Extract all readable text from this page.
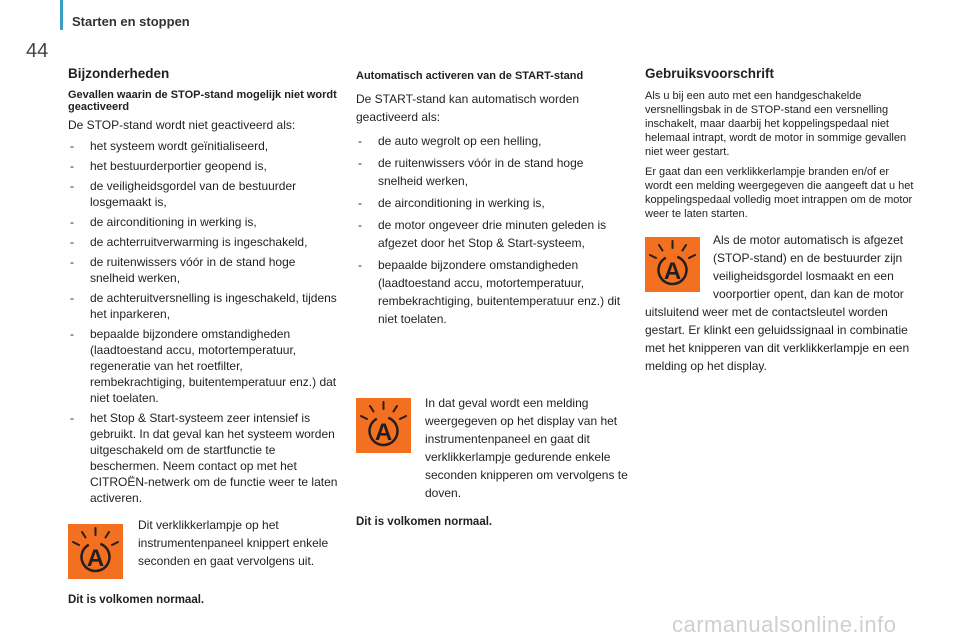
Starten en stoppen
44
Bijzonderheden
Gevallen waarin de STOP-stand mogelijk niet wordt geactiveerd

De STOP-stand wordt niet geactiveerd als:

- het systeem wordt geïnitialiseerd,
- het bestuurderportier geopend is,
- de veiligheidsgordel van de bestuurder losgemaakt is,
- de airconditioning in werking is,
- de achterruitverwarming is ingeschakeld,
- de ruitenwissers vóór in de stand hoge snelheid werken,
- de achteruitversnelling is ingeschakeld, tijdens het inparkeren,
- bepaalde bijzondere omstandigheden (laadtoestand accu, motortemperatuur, regeneratie van het roetfilter, rembekrachtiging, buitentemperatuur enz.) dat niet toelaten.
- het Stop & Start-systeem zeer intensief is gebruikt. In dat geval kan het systeem worden uitgeschakeld om de startfunctie te beschermen. Neem contact op met het CITROËN-netwerk om de functie weer te laten activeren.
A

Dit verklikkerlampje op het instrumentenpaneel knippert enkele seconden en gaat vervolgens uit.

Dit is volkomen normaal.

Automatisch activeren van de START-stand

De START-stand kan automatisch worden geactiveerd als:

- de auto wegrolt op een helling,
- de ruitenwissers vóór in de stand hoge snelheid werken,
- de airconditioning in werking is,
- de motor ongeveer drie minuten geleden is afgezet door het Stop & Start-systeem,
- bepaalde bijzondere omstandigheden (laadtoestand accu, motortemperatuur, rembekrachtiging, buitentemperatuur enz.) dit niet toelaten.
A

In dat geval wordt een melding weergegeven op het display van het instrumentenpaneel en gaat dit verklikkerlampje gedurende enkele seconden knipperen om vervolgens te doven.

Dit is volkomen normaal.

Gebruiksvoorschrift

Als u bij een auto met een handgeschakelde versnellingsbak in de STOP-stand een versnelling inschakelt, maar daarbij het koppelingspedaal niet helemaal intrapt, wordt de motor in sommige gevallen niet weer gestart.

Er gaat dan een verklikkerlampje branden en/of er wordt een melding weergegeven die aangeeft dat u het koppelingspedaal volledig moet intrappen om de motor weer te laten starten.

A

Als de motor automatisch is afgezet (STOP-stand) en de bestuurder zijn veiligheidsgordel losmaakt en een voorportier opent, dan kan de motor uitsluitend weer met de contactsleutel worden gestart. Er klinkt een geluidssignaal in combinatie met het knipperen van dit verklikkerlampje en een melding op het display.

carmanualsonline.info
